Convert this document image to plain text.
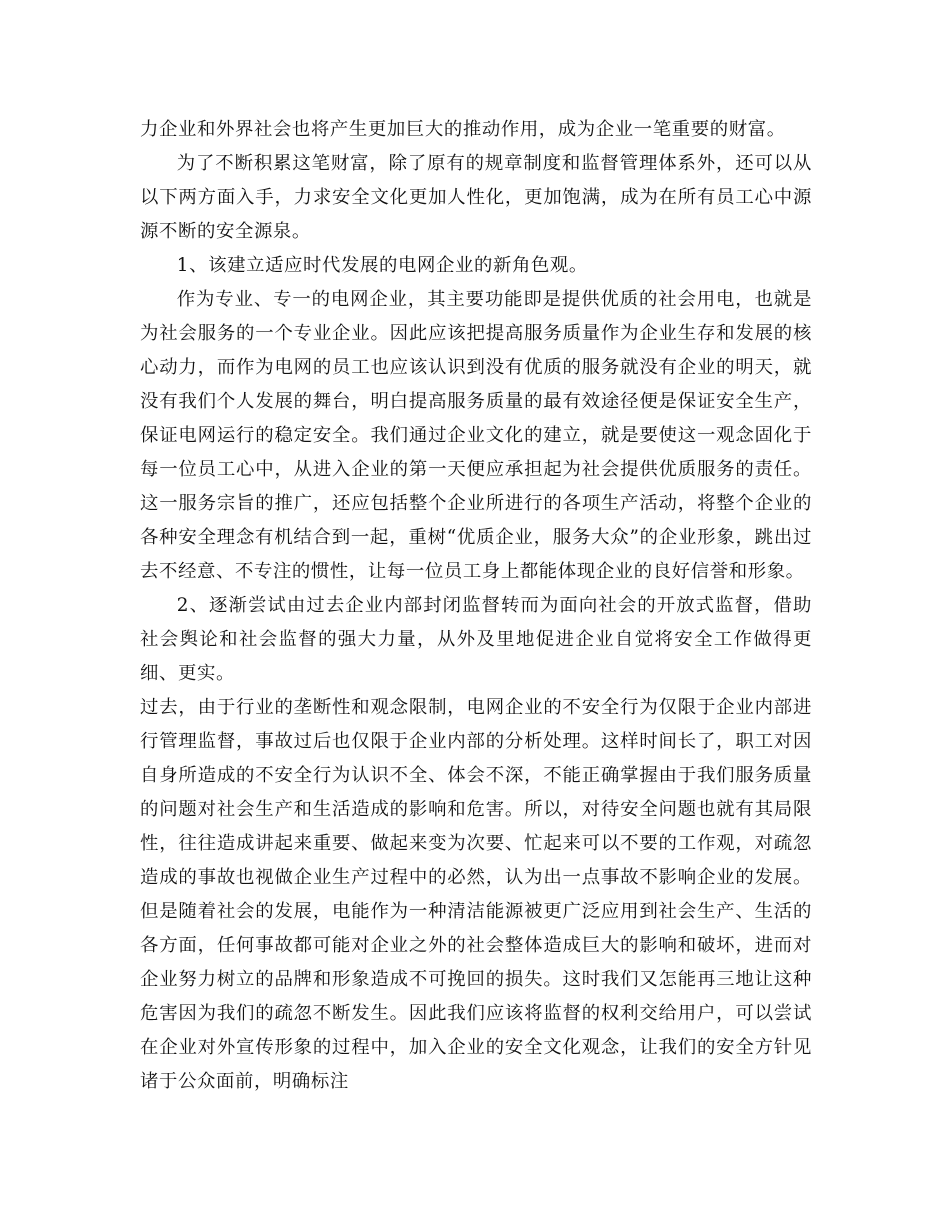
力企业和外界社会也将产生更加巨大的推动作用，成为企业一笔重要的财富。

为了不断积累这笔财富，除了原有的规章制度和监督管理体系外，还可以从以下两方面入手，力求安全文化更加人性化，更加饱满，成为在所有员工心中源源不断的安全源泉。

1、该建立适应时代发展的电网企业的新角色观。

作为专业、专一的电网企业，其主要功能即是提供优质的社会用电，也就是为社会服务的一个专业企业。因此应该把提高服务质量作为企业生存和发展的核心动力，而作为电网的员工也应该认识到没有优质的服务就没有企业的明天，就没有我们个人发展的舞台，明白提高服务质量的最有效途径便是保证安全生产，保证电网运行的稳定安全。我们通过企业文化的建立，就是要使这一观念固化于每一位员工心中，从进入企业的第一天便应承担起为社会提供优质服务的责任。这一服务宗旨的推广，还应包括整个企业所进行的各项生产活动，将整个企业的各种安全理念有机结合到一起，重树“优质企业，服务大众”的企业形象，跳出过去不经意、不专注的惯性，让每一位员工身上都能体现企业的良好信誉和形象。

2、逐渐尝试由过去企业内部封闭监督转而为面向社会的开放式监督，借助社会舆论和社会监督的强大力量，从外及里地促进企业自觉将安全工作做得更细、更实。

过去，由于行业的垄断性和观念限制，电网企业的不安全行为仅限于企业内部进行管理监督，事故过后也仅限于企业内部的分析处理。这样时间长了，职工对因自身所造成的不安全行为认识不全、体会不深，不能正确掌握由于我们服务质量的问题对社会生产和生活造成的影响和危害。所以，对待安全问题也就有其局限性，往往造成讲起来重要、做起来变为次要、忙起来可以不要的工作观，对疏忽造成的事故也视做企业生产过程中的必然，认为出一点事故不影响企业的发展。但是随着社会的发展，电能作为一种清洁能源被更广泛应用到社会生产、生活的各方面，任何事故都可能对企业之外的社会整体造成巨大的影响和破坏，进而对企业努力树立的品牌和形象造成不可挽回的损失。这时我们又怎能再三地让这种危害因为我们的疏忽不断发生。因此我们应该将监督的权利交给用户，可以尝试在企业对外宣传形象的过程中，加入企业的安全文化观念，让我们的安全方针见诸于公众面前，明确标注
